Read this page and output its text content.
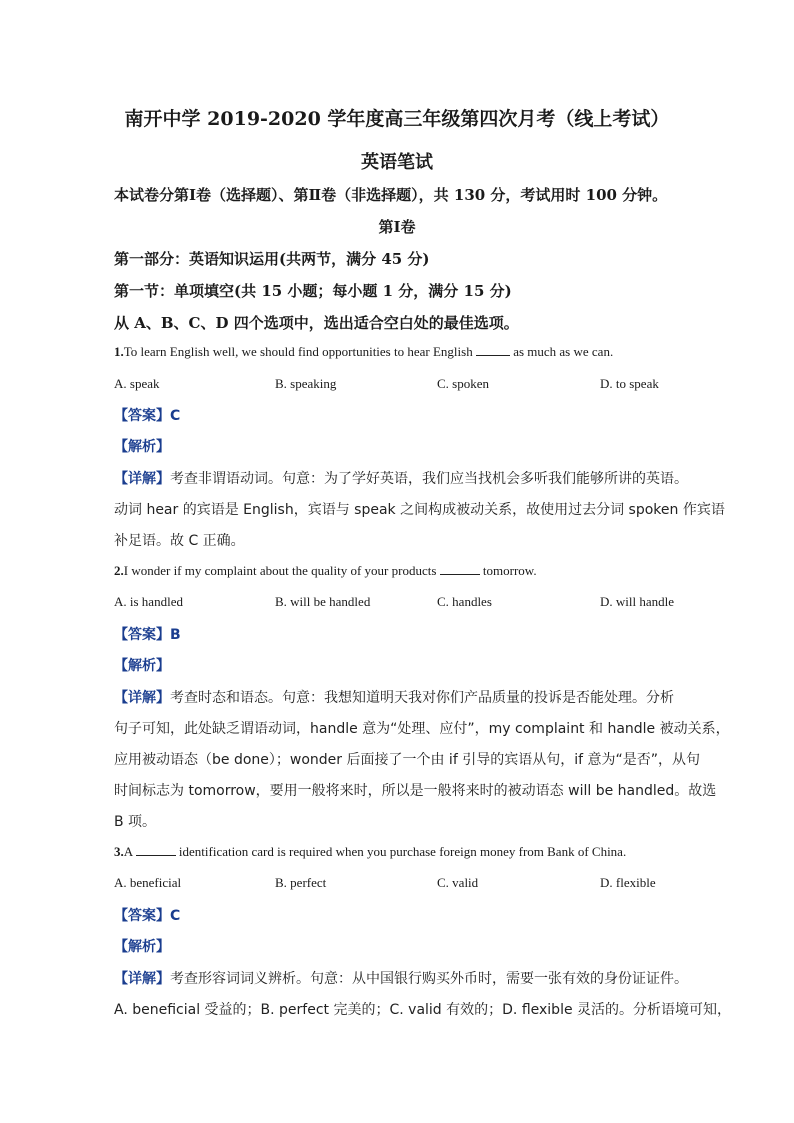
南开中学 2019-2020 学年度高三年级第四次月考（线上考试）
英语笔试
本试卷分第Ⅰ卷（选择题）、第Ⅱ卷（非选择题），共 130 分，考试用时 100 分钟。
第Ⅰ卷
第一部分：英语知识运用(共两节，满分 45 分)
第一节：单项填空(共 15 小题；每小题 1 分，满分 15 分)
从 A、B、C、D 四个选项中，选出适合空白处的最佳选项。
1.To learn English well, we should find opportunities to hear English	as much as we can.
A. speak	B. speaking	C. spoken	D. to speak
【答案】C
【解析】
【详解】考查非谓语动词。句意：为了学好英语，我们应当找机会多听我们能够所讲的英语。
动词 hear 的宾语是 English，宾语与 speak 之间构成被动关系，故使用过去分词 spoken 作宾语
补足语。故 C 正确。
2.I wonder if my complaint about the quality of your products	tomorrow.
A. is handled	B. will be handled	C. handles	D. will handle
【答案】B
【解析】
【详解】考查时态和语态。句意：我想知道明天我对你们产品质量的投诉是否能处理。分析
句子可知，此处缺乏谓语动词，handle 意为“处理、应付”，my complaint 和 handle 被动关系，
应用被动语态（be done）；wonder 后面接了一个由 if 引导的宾语从句，if 意为“是否”，从句
时间标志为 tomorrow，要用一般将来时，所以是一般将来时的被动语态 will be handled。故选
B 项。
3.A	identification card is required when you purchase foreign money from Bank of China.
A. beneficial	B. perfect	C. valid	D. flexible
【答案】C
【解析】
【详解】考查形容词词义辨析。句意：从中国银行购买外币时，需要一张有效的身份证证件。
A. beneficial 受益的；B. perfect 完美的；C. valid 有效的；D. flexible 灵活的。分析语境可知，
